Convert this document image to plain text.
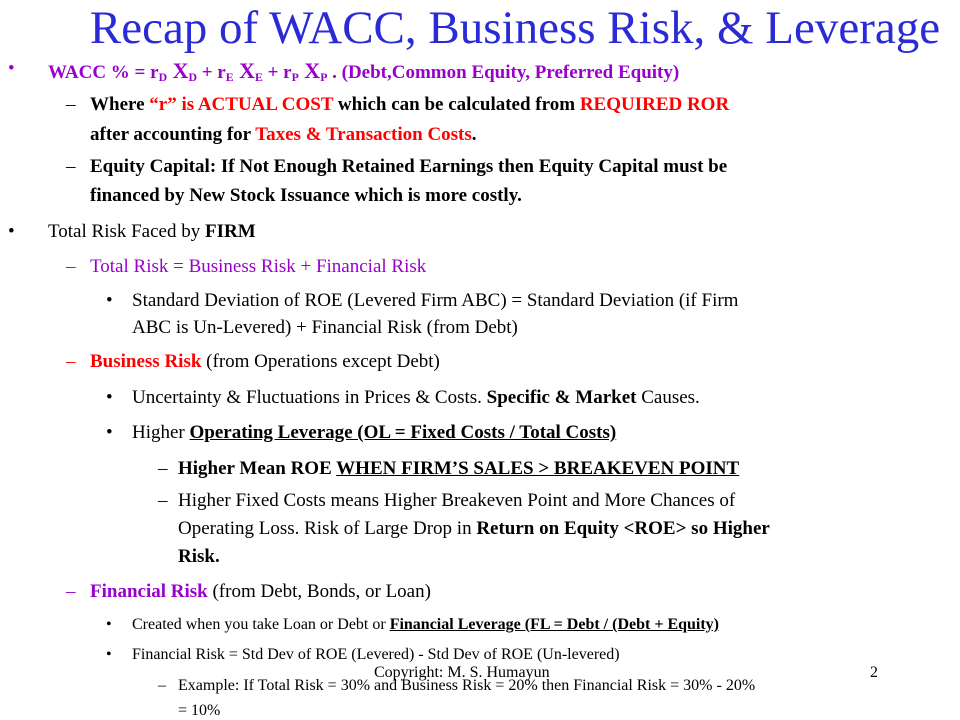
Recap of WACC, Business Risk, & Leverage
• WACC % = $r_D$ $X_D + r_E$ $X_E + r_P$ $X_P$ . (Debt,Common Equity, Preferred Equity)
– Where “r” is ACTUAL COST which can be calculated from REQUIRED ROR
after accounting for Taxes & Transaction Costs.
– Equity Capital: If Not Enough Retained Earnings then Equity Capital must be
financed by New Stock Issuance which is more costly.
• Total Risk Faced by FIRM
– Total Risk = Business Risk + Financial Risk
• Standard Deviation of ROE (Levered Firm ABC) = Standard Deviation (if Firm
ABC is Un-Levered) + Financial Risk (from Debt)
– Business Risk (from Operations except Debt)
• Uncertainty & Fluctuations in Prices & Costs. Specific & Market Causes.
• Higher Operating Leverage (OL = Fixed Costs / Total Costs)
– Higher Mean ROE WHEN FIRM’S SALES > BREAKEVEN POINT
– Higher Fixed Costs means Higher Breakeven Point and More Chances of
Operating Loss. Risk of Large Drop in Return on Equity <ROE> so Higher
Risk.
– Financial Risk (from Debt, Bonds, or Loan)
• Created when you take Loan or Debt or Financial Leverage (FL = Debt / (Debt + Equity)
• Financial Risk = Std Dev of ROE (Levered) - Std Dev of ROE (Un-levered)
– Example: If Total Risk = 30% and Business Risk = 20% then Financial Risk = 30% - 20%
= 10%
Copyright: M. S. Humayun	2
